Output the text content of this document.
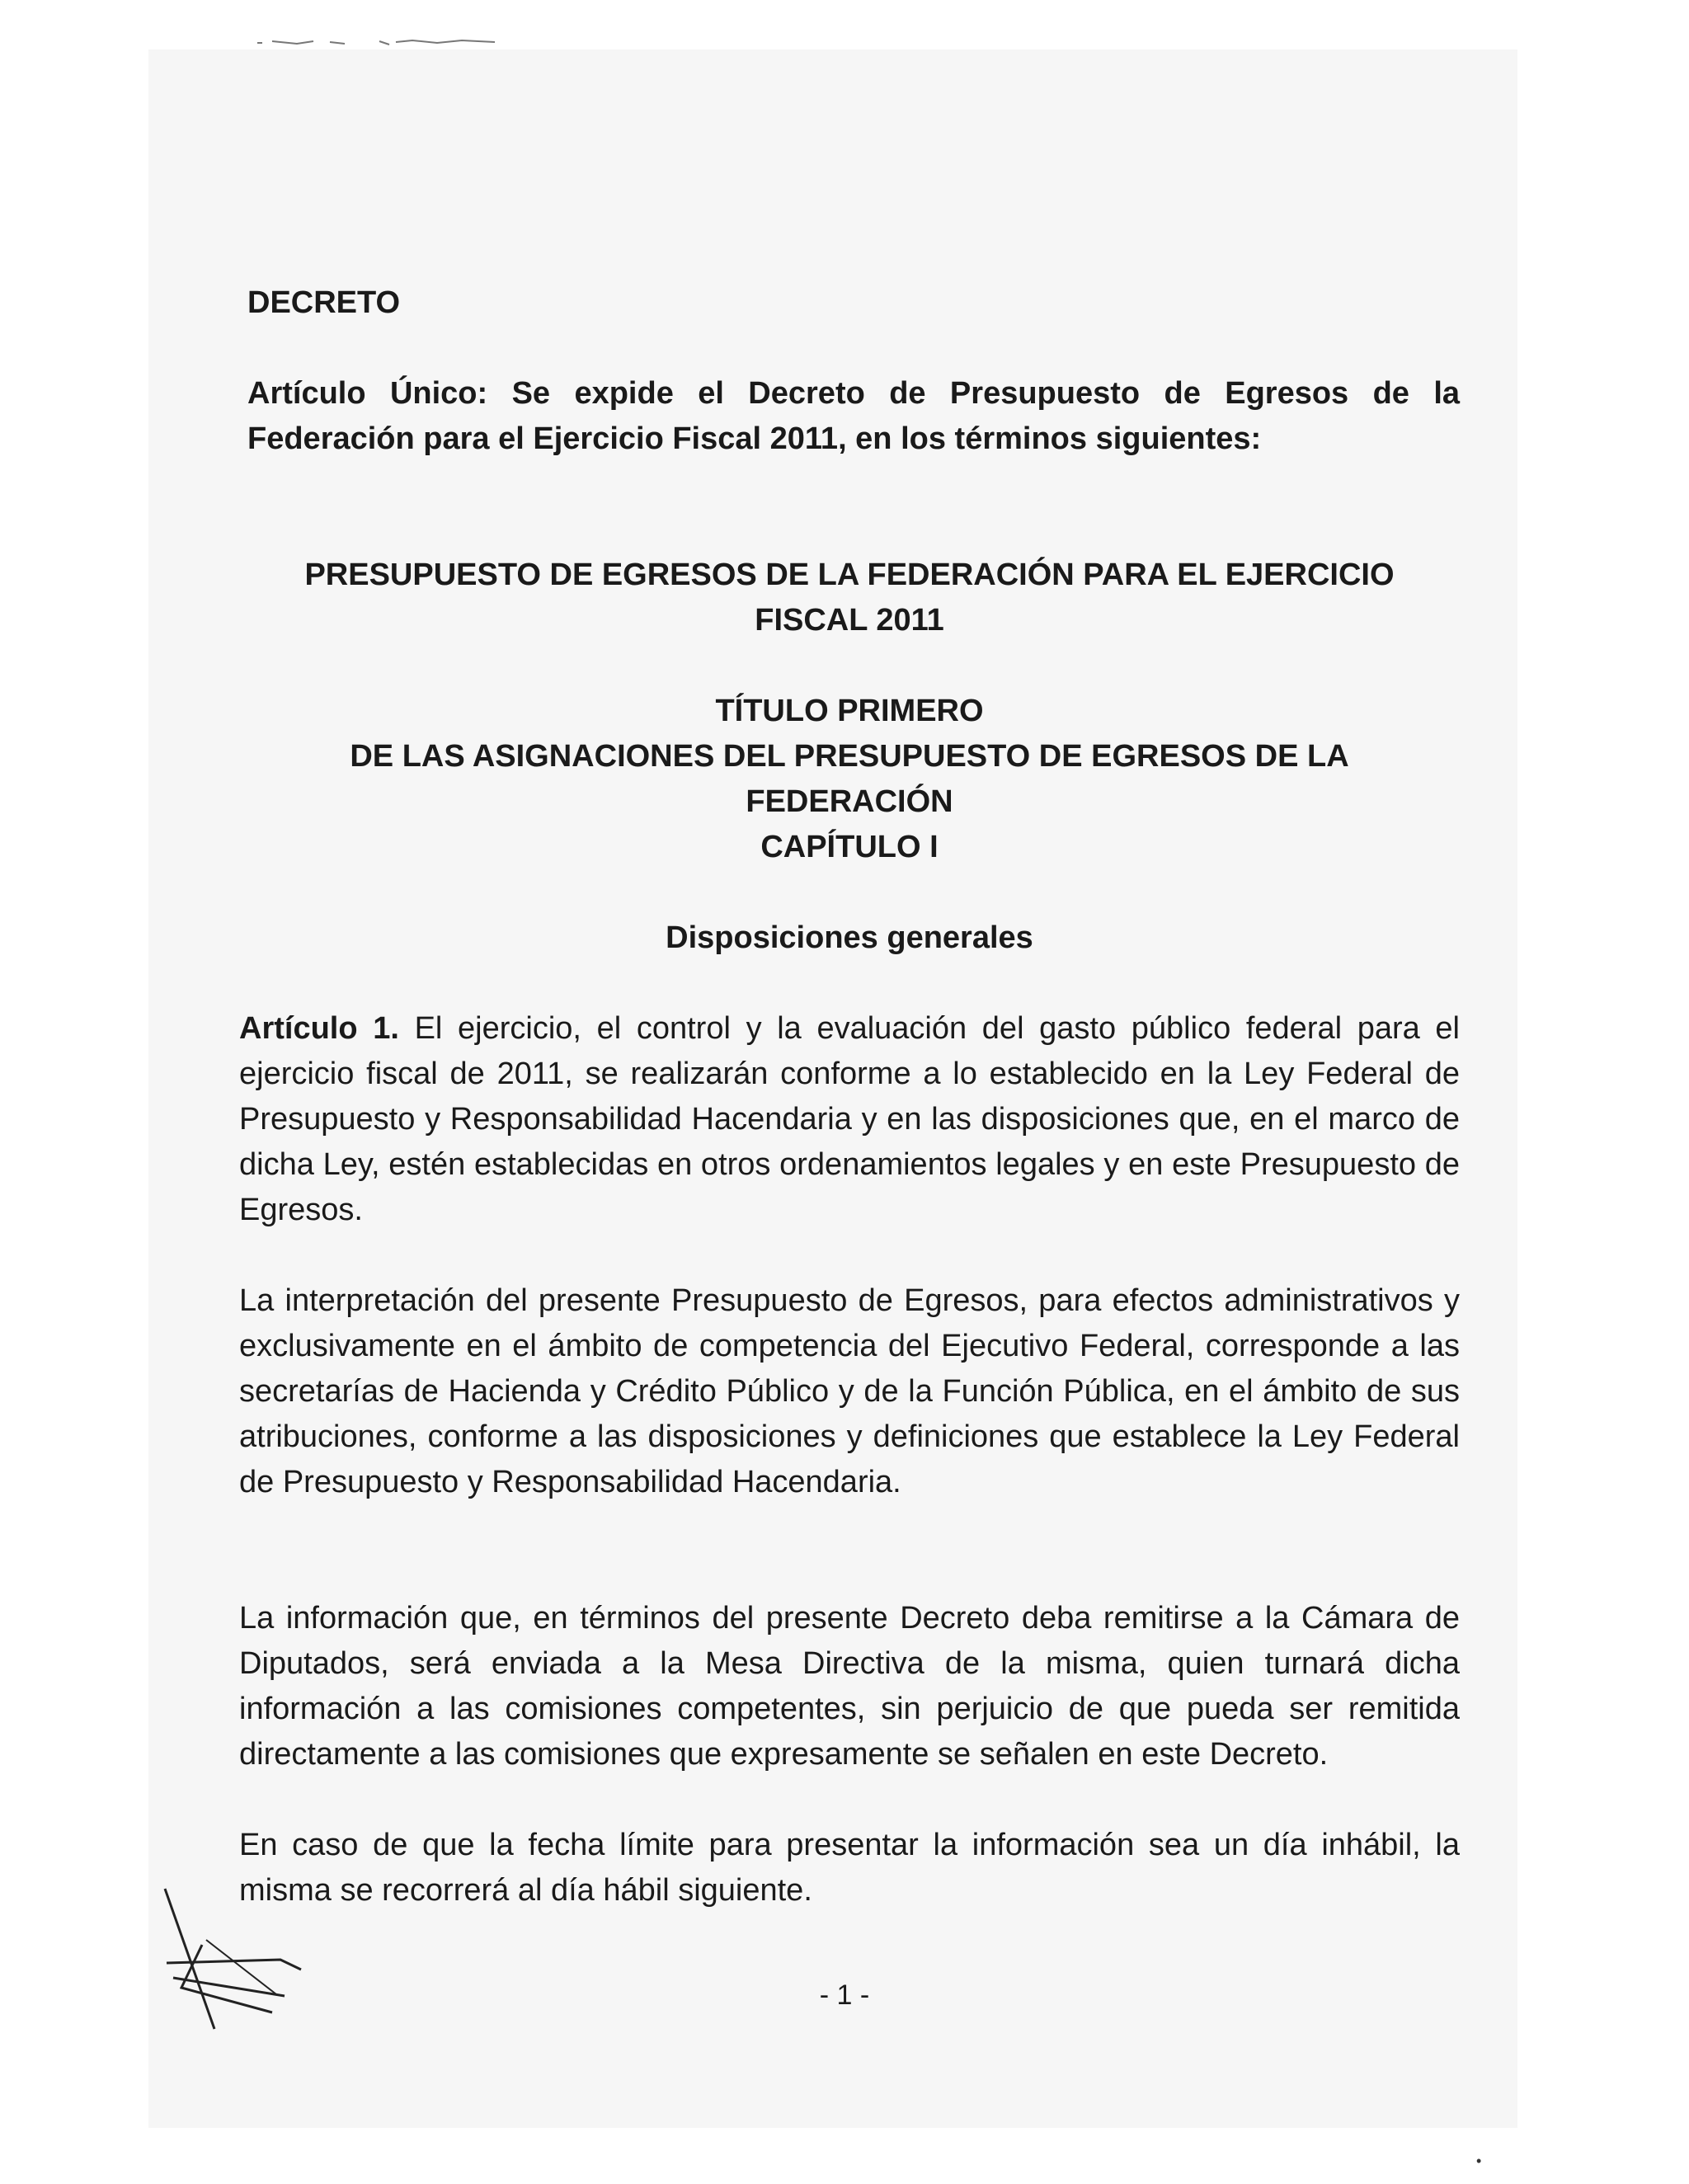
DECRETO
Artículo Único: Se expide el Decreto de Presupuesto de Egresos de la Federación para el Ejercicio Fiscal 2011, en los términos siguientes:
PRESUPUESTO DE EGRESOS DE LA FEDERACIÓN PARA EL EJERCICIO
FISCAL 2011
TÍTULO PRIMERO
DE LAS ASIGNACIONES DEL PRESUPUESTO DE EGRESOS DE LA
FEDERACIÓN
CAPÍTULO I
Disposiciones generales
Artículo 1. El ejercicio, el control y la evaluación del gasto público federal para el ejercicio fiscal de 2011, se realizarán conforme a lo establecido en la Ley Federal de Presupuesto y Responsabilidad Hacendaria y en las disposiciones que, en el marco de dicha Ley, estén establecidas en otros ordenamientos legales y en este Presupuesto de Egresos.
La interpretación del presente Presupuesto de Egresos, para efectos administrativos y exclusivamente en el ámbito de competencia del Ejecutivo Federal, corresponde a las secretarías de Hacienda y Crédito Público y de la Función Pública, en el ámbito de sus atribuciones, conforme a las disposiciones y definiciones que establece la Ley Federal de Presupuesto y Responsabilidad Hacendaria.
La información que, en términos del presente Decreto deba remitirse a la Cámara de Diputados, será enviada a la Mesa Directiva de la misma, quien turnará dicha información a las comisiones competentes, sin perjuicio de que pueda ser remitida directamente a las comisiones que expresamente se señalen en este Decreto.
En caso de que la fecha límite para presentar la información sea un día inhábil, la misma se recorrerá al día hábil siguiente.
- 1 -
•
